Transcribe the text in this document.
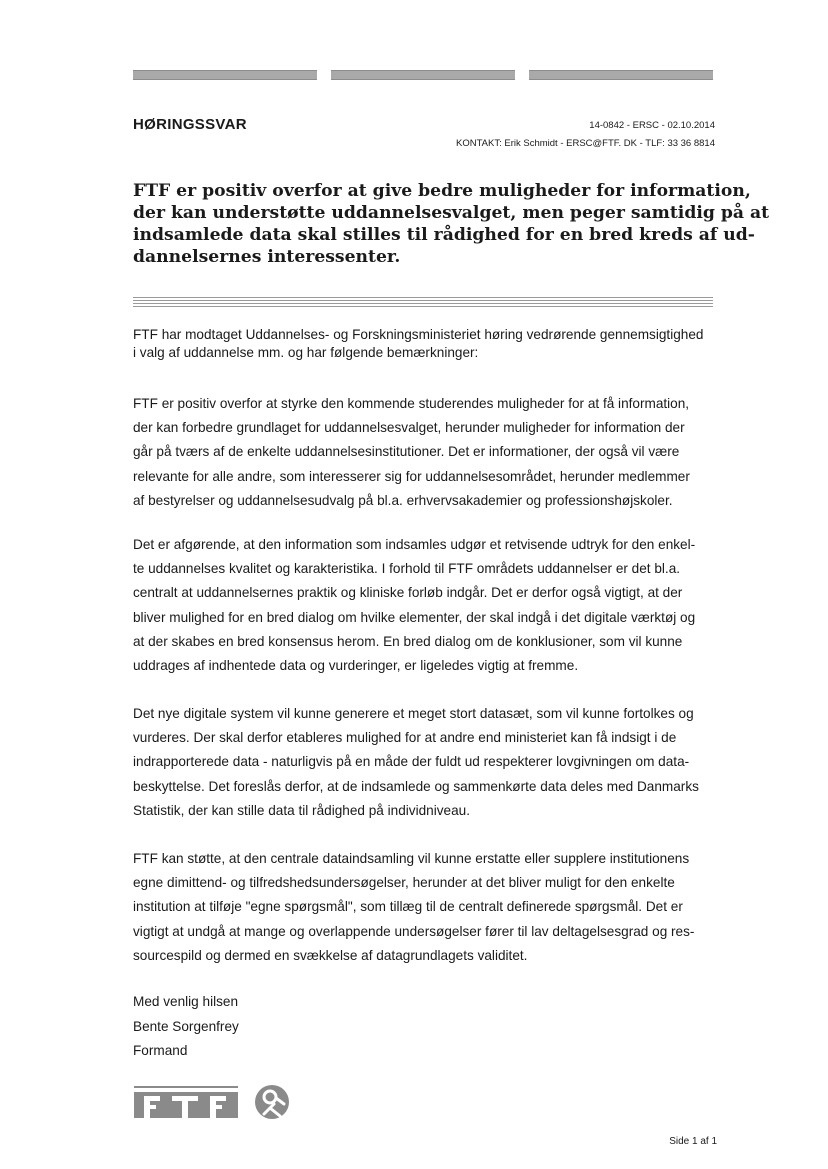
HØRINGSSVAR	14-0842 - ERSC - 02.10.2014
KONTAKT: Erik Schmidt - ERSC@FTF. DK - TLF: 33 36 8814
FTF er positiv overfor at give bedre muligheder for information,
der kan understøtte uddannelsesvalget, men peger samtidig på at
indsamlede data skal stilles til rådighed for en bred kreds af ud-
dannelsernes interessenter.

FTF har modtaget Uddannelses- og Forskningsministeriet høring vedrørende gennemsigtighed
i valg af uddannelse mm. og har følgende bemærkninger:

FTF er positiv overfor at styrke den kommende studerendes muligheder for at få information,
der kan forbedre grundlaget for uddannelsesvalget, herunder muligheder for information der
går på tværs af de enkelte uddannelsesinstitutioner. Det er informationer, der også vil være
relevante for alle andre, som interesserer sig for uddannelsesområdet, herunder medlemmer
af bestyrelser og uddannelsesudvalg på bl.a. erhvervsakademier og professionshøjskoler.

Det er afgørende, at den information som indsamles udgør et retvisende udtryk for den enkel-
te uddannelses kvalitet og karakteristika. I forhold til FTF områdets uddannelser er det bl.a.
centralt at uddannelsernes praktik og kliniske forløb indgår. Det er derfor også vigtigt, at der
bliver mulighed for en bred dialog om hvilke elementer, der skal indgå i det digitale værktøj og
at der skabes en bred konsensus herom. En bred dialog om de konklusioner, som vil kunne
uddrages af indhentede data og vurderinger, er ligeledes vigtig at fremme.

Det nye digitale system vil kunne generere et meget stort datasæt, som vil kunne fortolkes og
vurderes. Der skal derfor etableres mulighed for at andre end ministeriet kan få indsigt i de
indrapporterede data - naturligvis på en måde der fuldt ud respekterer lovgivningen om data-
beskyttelse. Det foreslås derfor, at de indsamlede og sammenkørte data deles med Danmarks
Statistik, der kan stille data til rådighed på individniveau.

FTF kan støtte, at den centrale dataindsamling vil kunne erstatte eller supplere institutionens
egne dimittend- og tilfredshedsundersøgelser, herunder at det bliver muligt for den enkelte
institution at tilføje "egne spørgsmål", som tillæg til de centralt definerede spørgsmål. Det er
vigtigt at undgå at mange og overlappende undersøgelser fører til lav deltagelsesgrad og res-
sourcespild og dermed en svækkelse af datagrundlagets validitet.

Med venlig hilsen
Bente Sorgenfrey
Formand

Side 1 af 1
